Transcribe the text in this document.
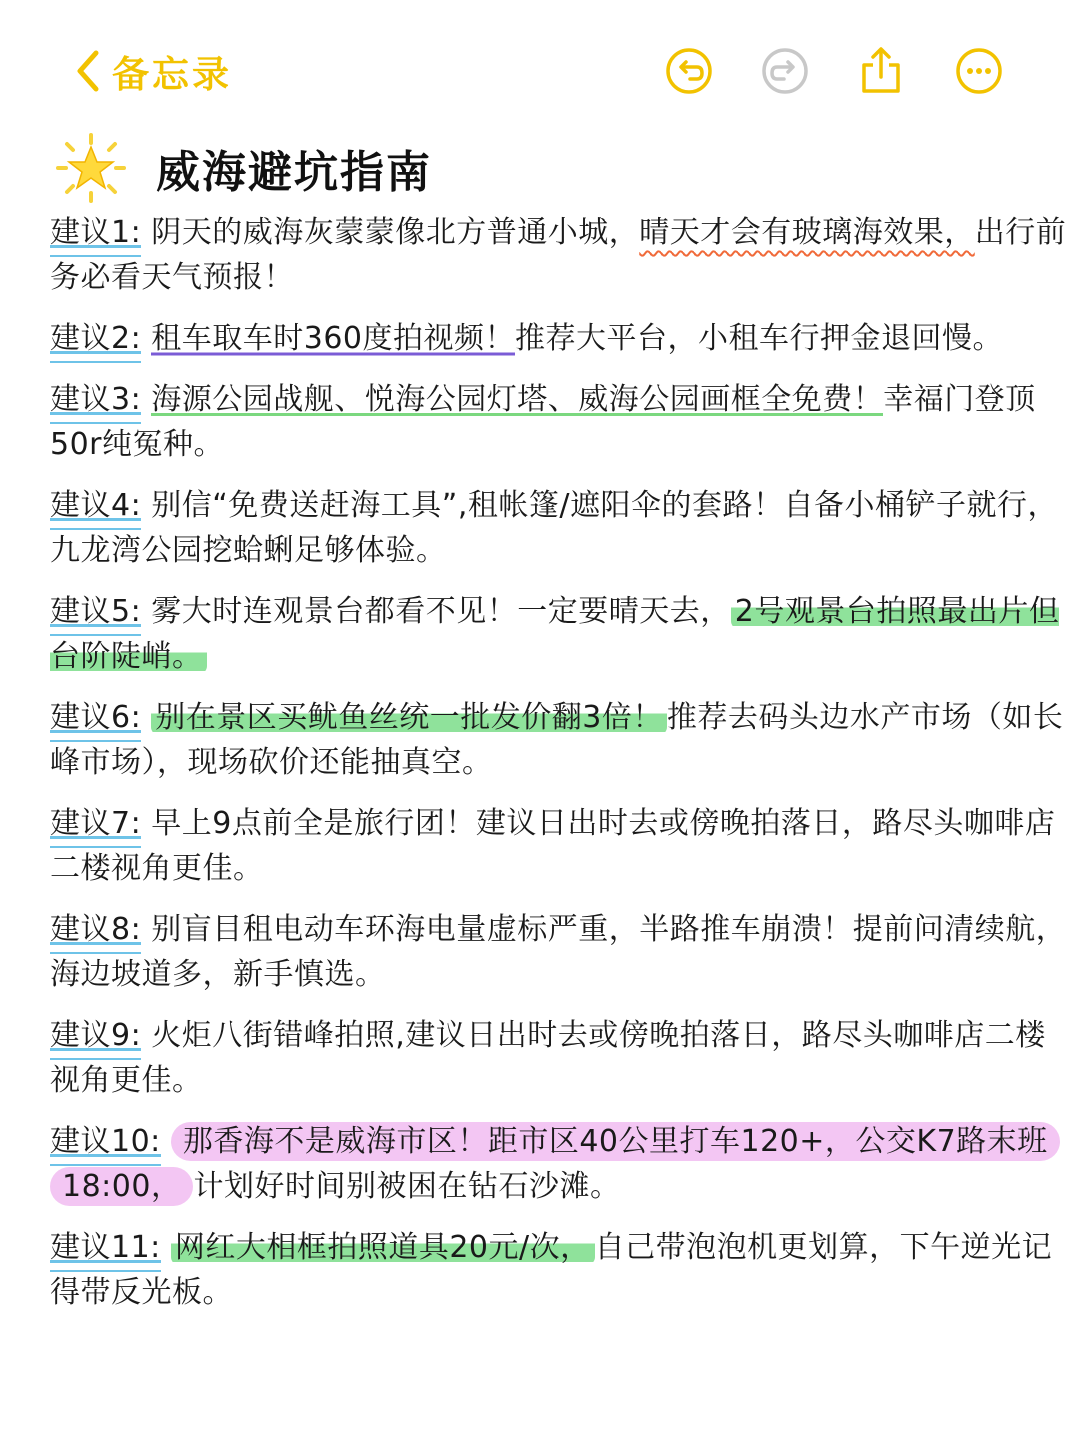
备忘录
威海避坑指南

建议1: 阴天的威海灰蒙蒙像北方普通小城，晴天才会有玻璃海效果，出行前务必看天气预报！

建议2: 租车取车时360度拍视频！推荐大平台，小租车行押金退回慢。

建议3: 海源公园战舰、悦海公园灯塔、威海公园画框全免费！幸福门登顶50r纯冤种。

建议4: 别信“免费送赶海工具”,租帐篷/遮阳伞的套路！自备小桶铲子就行，九龙湾公园挖蛤蜊足够体验。

建议5: 雾大时连观景台都看不见！一定要晴天去， 2号观景台拍照最出片但台阶陡峭。

建议6: 别在景区买鱿鱼丝统一批发价翻3倍！ 推荐去码头边水产市场（如长峰市场），现场砍价还能抽真空。

建议7: 早上9点前全是旅行团！建议日出时去或傍晚拍落日，路尽头咖啡店二楼视角更佳。

建议8: 别盲目租电动车环海电量虚标严重，半路推车崩溃！提前问清续航，海边坡道多，新手慎选。

建议9: 火炬八街错峰拍照,建议日出时去或傍晚拍落日，路尽头咖啡店二楼视角更佳。

建议10: 那香海不是威海市区！距市区40公里打车120+，公交K7路末班18:00， 计划好时间别被困在钻石沙滩。

建议11: 网红大相框拍照道具20元/次， 自己带泡泡机更划算，下午逆光记得带反光板。
